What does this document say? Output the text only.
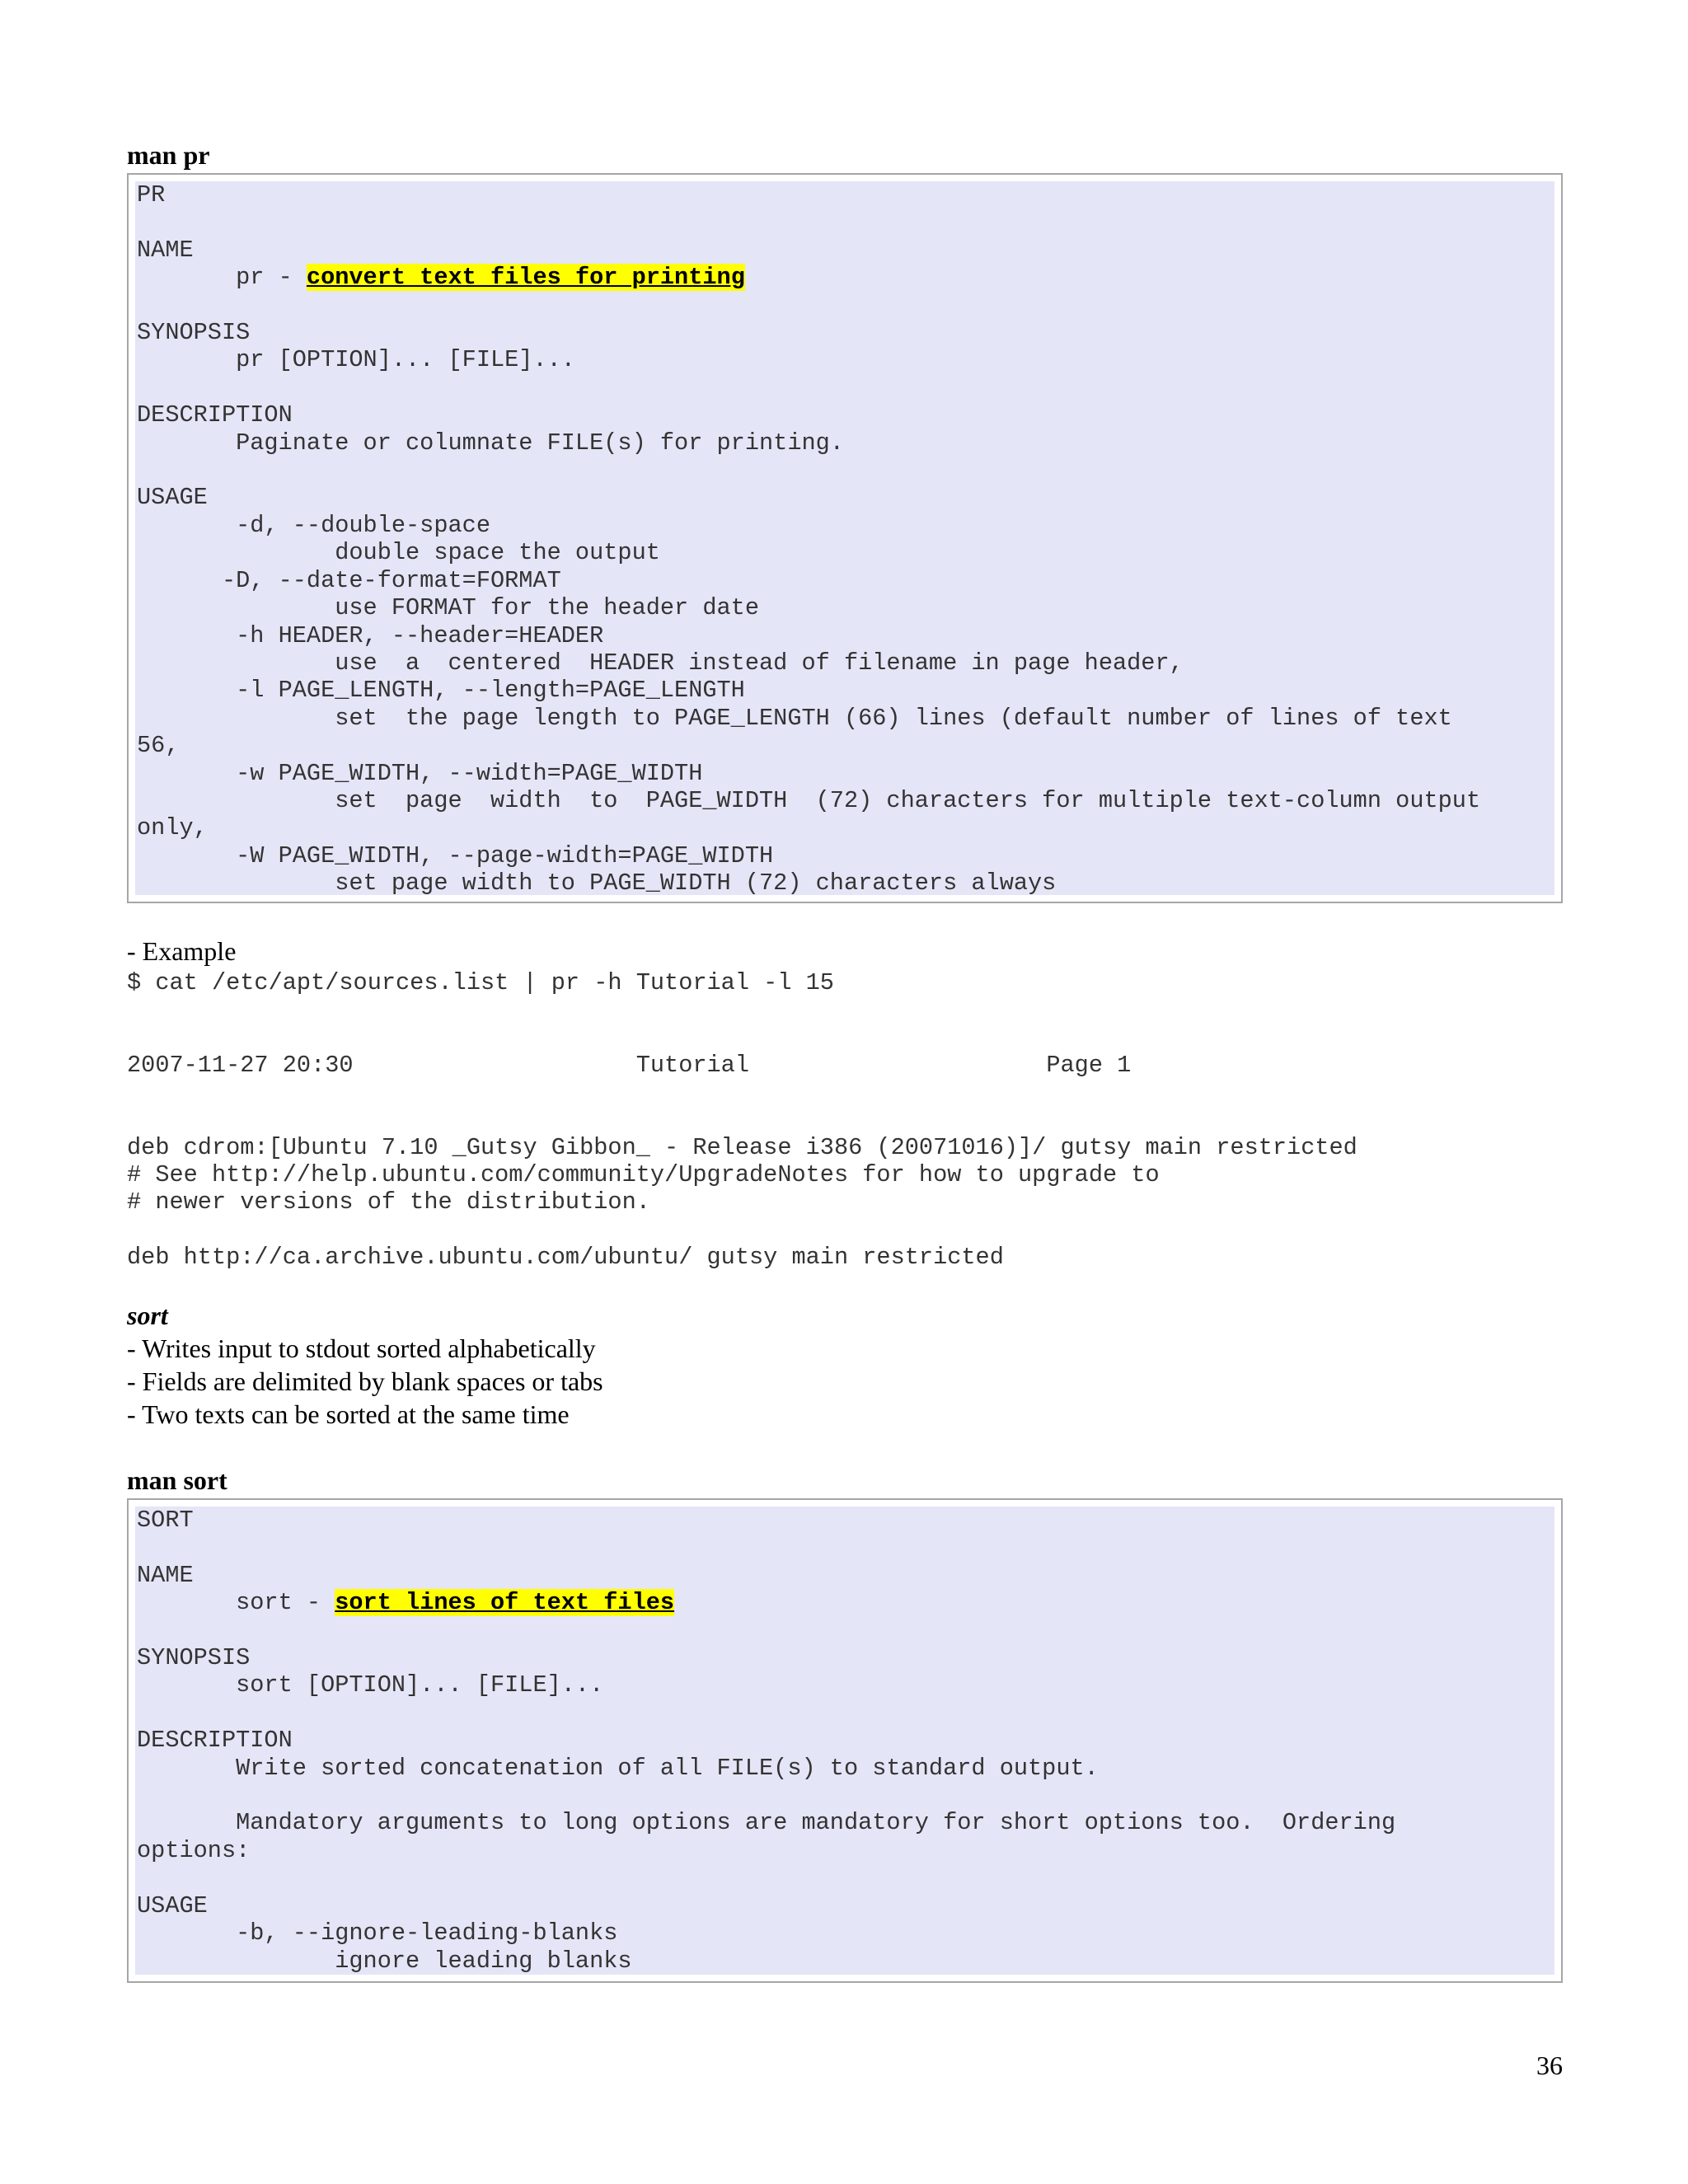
man pr
PR

NAME
pr - convert text files for printing

SYNOPSIS
pr [OPTION]... [FILE]...

DESCRIPTION
Paginate or columnate FILE(s) for printing.

USAGE
-d, --double-space
double space the output
-D, --date-format=FORMAT
use FORMAT for the header date
-h HEADER, --header=HEADER
use  a  centered  HEADER instead of filename in page header,
-l PAGE_LENGTH, --length=PAGE_LENGTH
set  the page length to PAGE_LENGTH (66) lines (default number of lines of text
56,
-w PAGE_WIDTH, --width=PAGE_WIDTH
set  page  width  to  PAGE_WIDTH  (72) characters for multiple text-column output
only,
-W PAGE_WIDTH, --page-width=PAGE_WIDTH
set page width to PAGE_WIDTH (72) characters always
- Example
$ cat /etc/apt/sources.list | pr -h Tutorial -l 15
2007-11-27 20:30                    Tutorial                     Page 1
deb cdrom:[Ubuntu 7.10 _Gutsy Gibbon_ - Release i386 (20071016)]/ gutsy main restricted
# See http://help.ubuntu.com/community/UpgradeNotes for how to upgrade to
# newer versions of the distribution.
deb http://ca.archive.ubuntu.com/ubuntu/ gutsy main restricted
sort
- Writes input to stdout sorted alphabetically
- Fields are delimited by blank spaces or tabs
- Two texts can be sorted at the same time
man sort
SORT

NAME
sort - sort lines of text files

SYNOPSIS
sort [OPTION]... [FILE]...

DESCRIPTION
Write sorted concatenation of all FILE(s) to standard output.

Mandatory arguments to long options are mandatory for short options too.  Ordering
options:

USAGE
-b, --ignore-leading-blanks
ignore leading blanks
36
